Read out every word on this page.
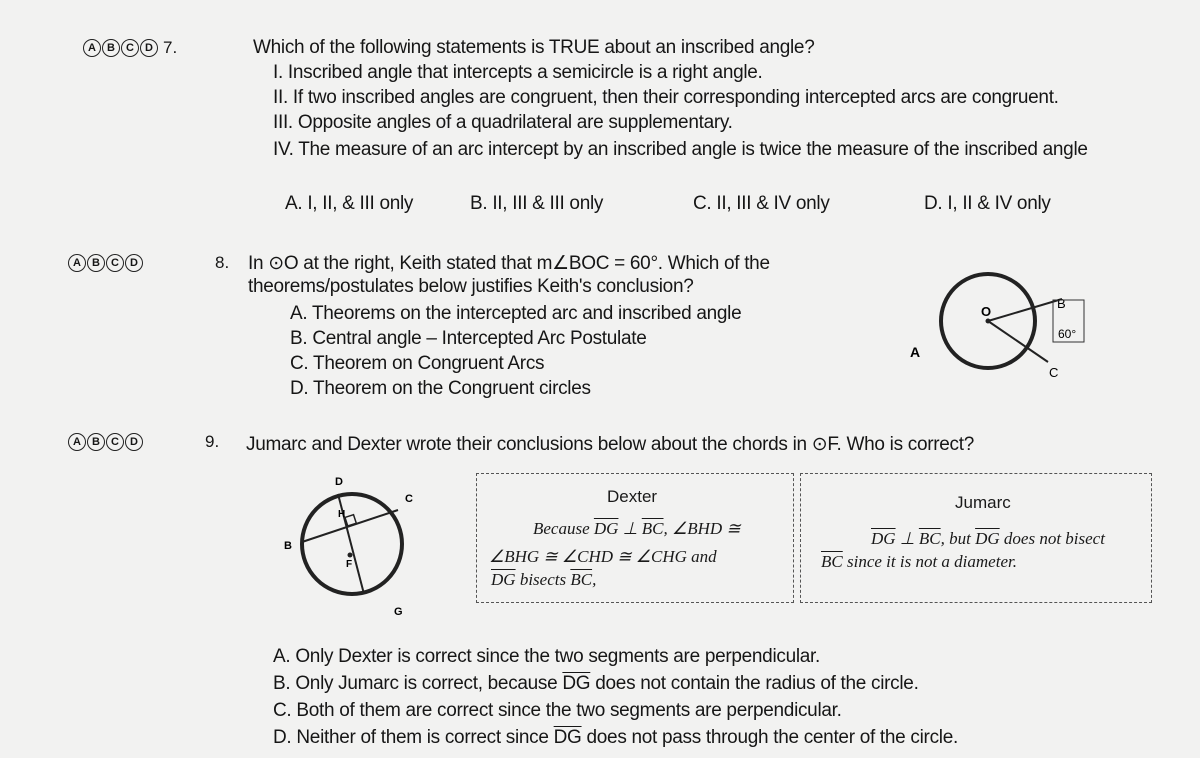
A	B	C	D 7.	Which of the following statements is TRUE about an inscribed angle?
I. Inscribed angle that intercepts a semicircle is a right angle.
II. If two inscribed angles are congruent, then their corresponding intercepted arcs are congruent.
III. Opposite angles of a quadrilateral are supplementary.
IV. The measure of an arc intercept by an inscribed angle is twice the measure of the inscribed angle
A. I, II, & III only	B. II, III & III only	C. II, III & IV only	D. I, II & IV only
A	B	C	D	8. In ⊙O at the right, Keith stated that m∠BOC = 60°. Which of the
theorems/postulates below justifies Keith's conclusion?
A. Theorems on the intercepted arc and inscribed angle
B. Central angle – Intercepted Arc Postulate
C. Theorem on Congruent Arcs
D. Theorem on the Congruent circles
O
A
B
C
60°
A	B	C	D	9. Jumarc and Dexter wrote their conclusions below about the chords in ⊙F. Who is correct?
D
C
H
B
F
G
Dexter
Because $\overline{DG}$ ⊥ $\overline{BC}$, ∠BHD ≅
∠BHG ≅ ∠CHD ≅ ∠CHG and
$\overline{DG}$ bisects $\overline{BC}$,
Jumarc
$\overline{DG}$ ⊥ $\overline{BC}$, but $\overline{DG}$ does not bisect
$\overline{BC}$ since it is not a diameter.
A. Only Dexter is correct since the two segments are perpendicular.
B. Only Jumarc is correct, because $\overline{DG}$ does not contain the radius of the circle.
C. Both of them are correct since the two segments are perpendicular.
D. Neither of them is correct since $\overline{DG}$ does not pass through the center of the circle.
